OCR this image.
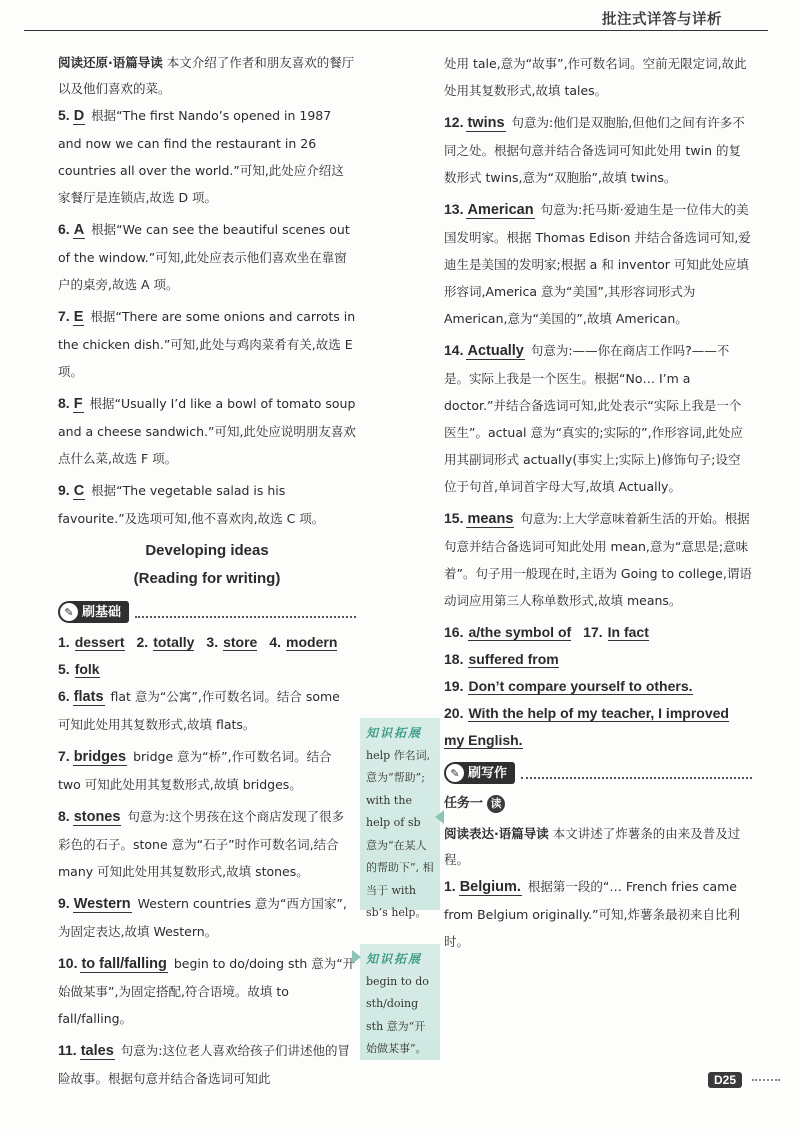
批注式详答与详析

阅读还原·语篇导读 本文介绍了作者和朋友喜欢的餐厅以及他们喜欢的菜。

5. D 根据“The first Nando’s opened in 1987 and now we can find the restaurant in 26 countries all over the world.”可知,此处应介绍这家餐厅是连锁店,故选 D 项。

6. A 根据“We can see the beautiful scenes out of the window.”可知,此处应表示他们喜欢坐在靠窗户的桌旁,故选 A 项。

7. E 根据“There are some onions and carrots in the chicken dish.”可知,此处与鸡肉菜肴有关,故选 E 项。

8. F 根据“Usually I’d like a bowl of tomato soup and a cheese sandwich.”可知,此处应说明朋友喜欢点什么菜,故选 F 项。

9. C 根据“The vegetable salad is his favourite.”及选项可知,他不喜欢肉,故选 C 项。

Developing ideas

(Reading for writing)

✎ 刷基础
1. dessert 2. totally 3. store 4. modern
5. folk

6. flats flat 意为“公寓”,作可数名词。结合 some 可知此处用其复数形式,故填 flats。

7. bridges bridge 意为“桥”,作可数名词。结合 two 可知此处用其复数形式,故填 bridges。

8. stones 句意为:这个男孩在这个商店发现了很多彩色的石子。stone 意为“石子”时作可数名词,结合 many 可知此处用其复数形式,故填 stones。

9. Western Western countries 意为“西方国家”,为固定表达,故填 Western。

10. to fall/falling begin to do/doing sth 意为“开始做某事”,为固定搭配,符合语境。故填 to fall/falling。

11. tales 句意为:这位老人喜欢给孩子们讲述他的冒险故事。根据句意并结合备选词可知此

知识拓展
help 作名词, 意为“帮助”; with the help of sb 意为“在某人的帮助下”, 相当于 with sb’s help。
知识拓展
begin to do sth/doing sth 意为“开始做某事”。

处用 tale,意为“故事”,作可数名词。空前无限定词,故此处用其复数形式,故填 tales。

12. twins 句意为:他们是双胞胎,但他们之间有许多不同之处。根据句意并结合备选词可知此处用 twin 的复数形式 twins,意为“双胞胎”,故填 twins。

13. American 句意为:托马斯·爱迪生是一位伟大的美国发明家。根据 Thomas Edison 并结合备选词可知,爱迪生是美国的发明家;根据 a 和 inventor 可知此处应填形容词,America 意为“美国”,其形容词形式为 American,意为“美国的”,故填 American。

14. Actually 句意为:——你在商店工作吗?——不是。实际上我是一个医生。根据“No… I’m a doctor.”并结合备选词可知,此处表示“实际上我是一个医生”。actual 意为“真实的;实际的”,作形容词,此处应用其副词形式 actually(事实上;实际上)修饰句子;设空位于句首,单词首字母大写,故填 Actually。

15. means 句意为:上大学意味着新生活的开始。根据句意并结合备选词可知此处用 mean,意为“意思是;意味着”。句子用一般现在时,主语为 Going to college,谓语动词应用第三人称单数形式,故填 means。

16. a/the symbol of 17. In fact
18. suffered from
19. Don’t compare yourself to others.
20. With the help of my teacher, I improved my English.
✎ 刷写作
任务一 读

阅读表达·语篇导读 本文讲述了炸薯条的由来及普及过程。

1. Belgium. 根据第一段的“… French fries came from Belgium originally.”可知,炸薯条最初来自比利时。

D25
